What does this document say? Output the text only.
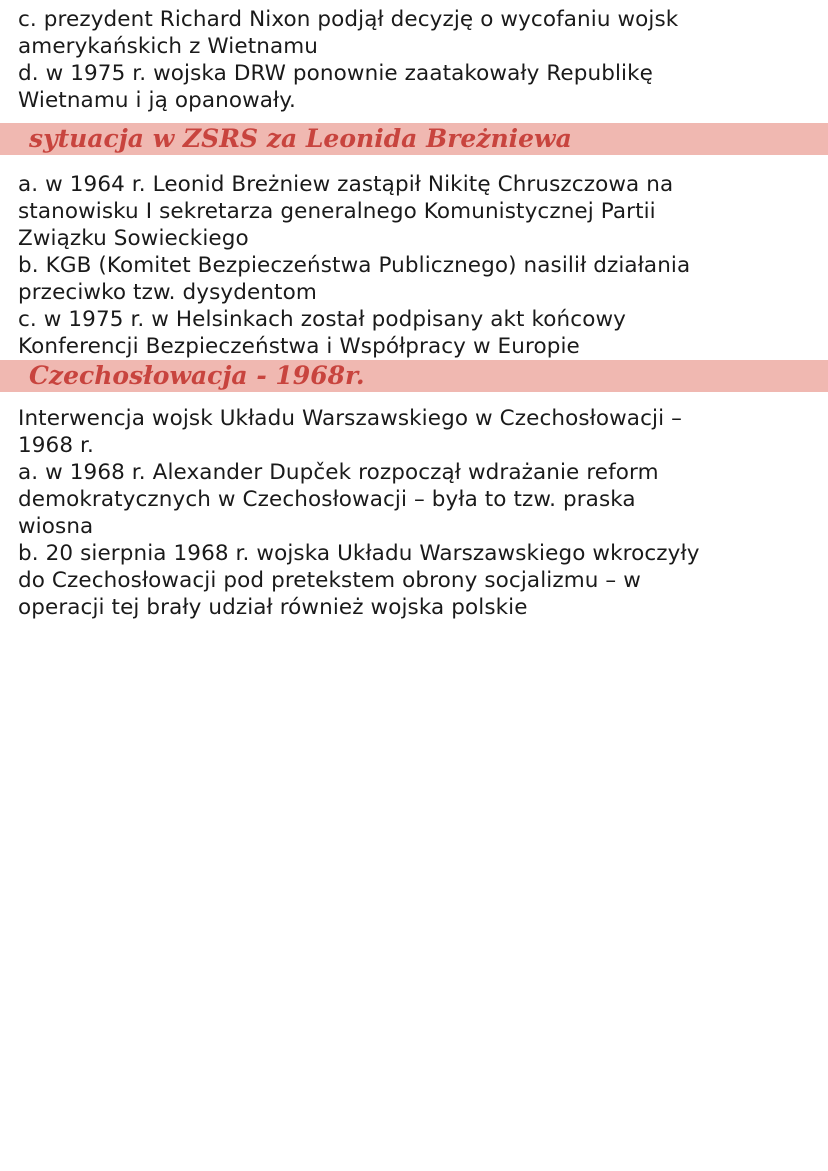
c. prezydent Richard Nixon podjął decyzję o wycofaniu wojsk
amerykańskich z Wietnamu
d. w 1975 r. wojska DRW ponownie zaatakowały Republikę
Wietnamu i ją opanowały.
sytuacja w ZSRS za Leonida Breżniewa
a. w 1964 r. Leonid Breżniew zastąpił Nikitę Chruszczowa na
stanowisku I sekretarza generalnego Komunistycznej Partii
Związku Sowieckiego
b. KGB (Komitet Bezpieczeństwa Publicznego) nasilił działania
przeciwko tzw. dysydentom
c. w 1975 r. w Helsinkach został podpisany akt końcowy
Konferencji Bezpieczeństwa i Współpracy w Europie
Czechosłowacja - 1968r.
Interwencja wojsk Układu Warszawskiego w Czechosłowacji –
1968 r.
a. w 1968 r. Alexander Dupček rozpoczął wdrażanie reform
demokratycznych w Czechosłowacji – była to tzw. praska
wiosna
b. 20 sierpnia 1968 r. wojska Układu Warszawskiego wkroczyły
do Czechosłowacji pod pretekstem obrony socjalizmu – w
operacji tej brały udział również wojska polskie
